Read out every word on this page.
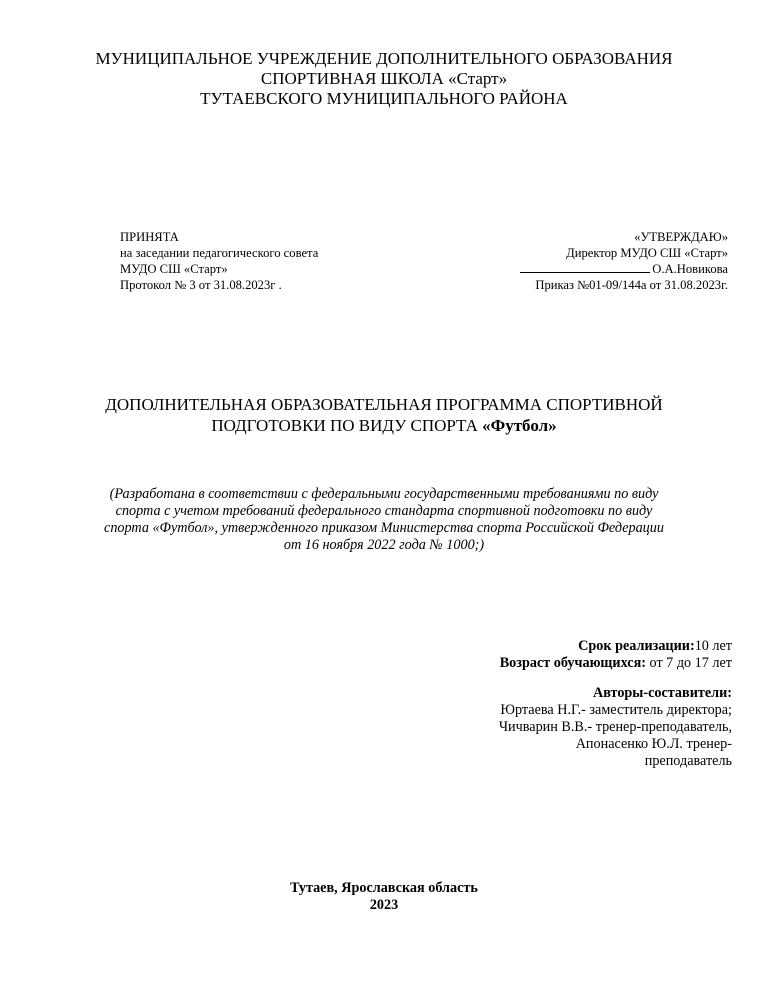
МУНИЦИПАЛЬНОЕ УЧРЕЖДЕНИЕ ДОПОЛНИТЕЛЬНОГО ОБРАЗОВАНИЯ
СПОРТИВНАЯ ШКОЛА «Старт»
ТУТАЕВСКОГО МУНИЦИПАЛЬНОГО РАЙОНА
ПРИНЯТА
на заседании педагогического совета
МУДО СШ «Старт»
Протокол № 3 от 31.08.2023г .
«УТВЕРЖДАЮ»
Директор МУДО СШ «Старт»
О.А.Новикова
Приказ №01-09/144а от 31.08.2023г.
ДОПОЛНИТЕЛЬНАЯ ОБРАЗОВАТЕЛЬНАЯ ПРОГРАММА СПОРТИВНОЙ
ПОДГОТОВКИ ПО ВИДУ СПОРТА «Футбол»
(Разработана в соответствии с федеральными государственными требованиями по виду
спорта с учетом требований федерального стандарта спортивной подготовки по виду
спорта «Футбол», утвержденного приказом Министерства спорта Российской Федерации
от 16 ноября 2022 года № 1000;)
Срок реализации:10 лет
Возраст обучающихся: от 7 до 17 лет
Авторы-составители:
Юртаева Н.Г.- заместитель директора;
Чичварин В.В.- тренер-преподаватель,
Апонасенко Ю.Л. тренер-
преподаватель
Тутаев, Ярославская область
2023
